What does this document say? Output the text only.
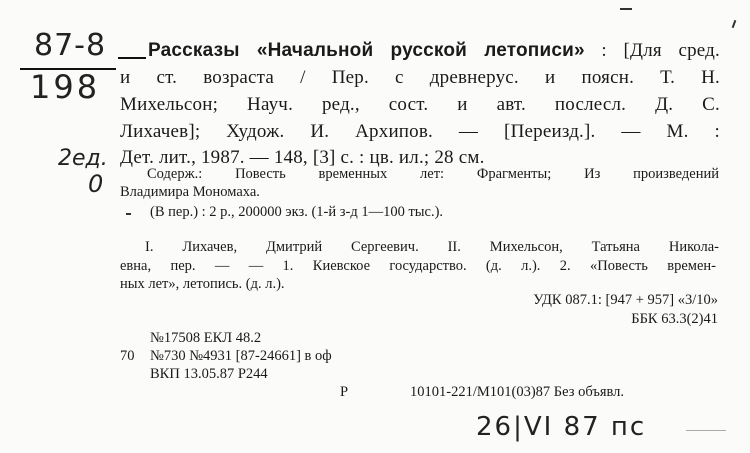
87-8
198
2ед.
0
Рассказы «Начальной русской летописи» : [Для сред.
и ст. возраста / Пер. с древнерус. и поясн. Т. Н.
Михельсон; Науч. ред., сост. и авт. послесл. Д. С.
Лихачев]; Худож. И. Архипов. — [Переизд.]. — М. :
Дет. лит., 1987. — 148, [3] с. : цв. ил.; 28 см.
Содерж.: Повесть временных лет: Фрагменты; Из произведений
Владимира Мономаха.
(В пер.) : 2 р., 200000 экз. (1-й з-д 1—100 тыс.).
I. Лихачев, Дмитрий Сергеевич. II. Михельсон, Татьяна Никола-
евна, пер. — — 1. Киевское государство. (д. л.). 2. «Повесть времен-
ных лет», летопись. (д. л.).
УДК 087.1: [947 + 957] «3/10»
ББК 63.3(2)41
№17508 ЕКЛ 48.2
70 №730 №4931 [87-24661] в оф
ВКП 13.05.87 Р244
Р	10101-221/М101(03)87 Без объявл.
26|VI 87 пс
